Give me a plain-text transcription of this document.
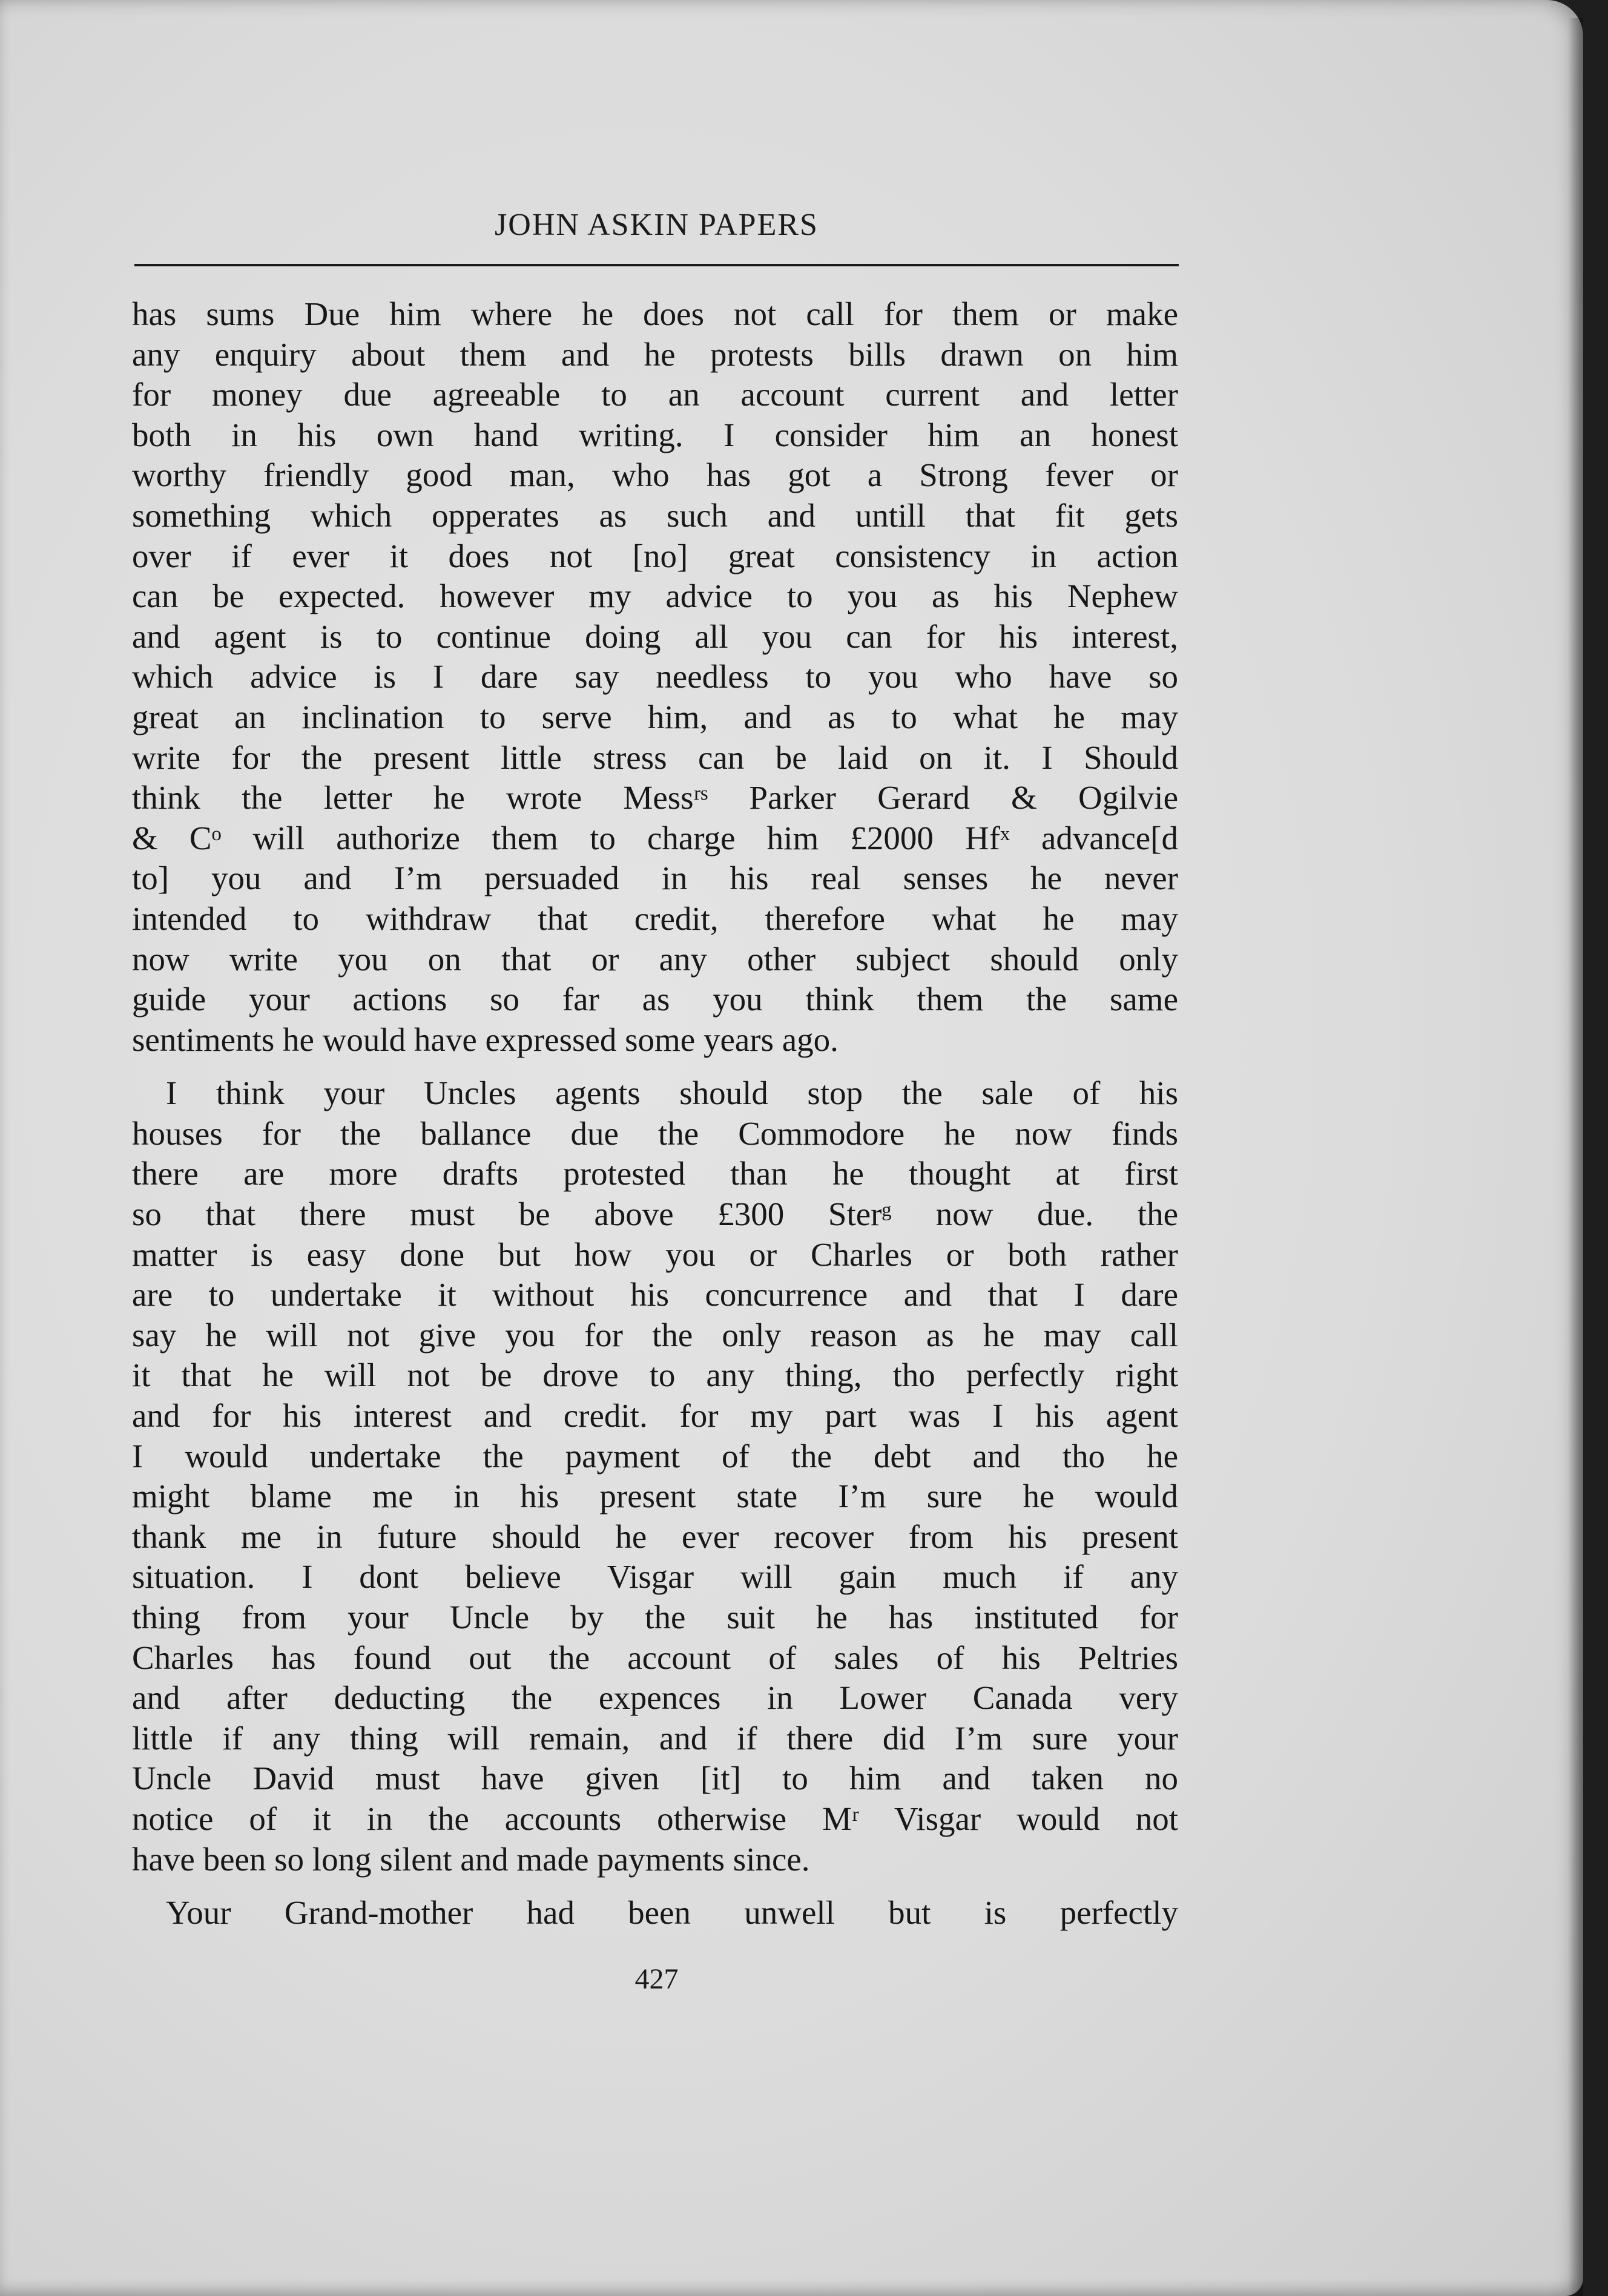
JOHN ASKIN PAPERS
has sums Due him where he does not call for them or make
any enquiry about them and he protests bills drawn on him
for money due agreeable to an account current and letter
both in his own hand writing. I consider him an honest
worthy friendly good man, who has got a Strong fever or
something which opperates as such and untill that fit gets
over if ever it does not [no] great consistency in action
can be expected. however my advice to you as his Nephew
and agent is to continue doing all you can for his interest,
which advice is I dare say needless to you who have so
great an inclination to serve him, and as to what he may
write for the present little stress can be laid on it. I Should
think the letter he wrote Messʳˢ Parker Gerard & Ogilvie
& Cᵒ will authorize them to charge him £2000 Hfˣ advance[d
to] you and I’m persuaded in his real senses he never
intended to withdraw that credit, therefore what he may
now write you on that or any other subject should only
guide your actions so far as you think them the same
sentiments he would have expressed some years ago.
I think your Uncles agents should stop the sale of his
houses for the ballance due the Commodore he now finds
there are more drafts protested than he thought at first
so that there must be above £300 Sterᵍ now due. the
matter is easy done but how you or Charles or both rather
are to undertake it without his concurrence and that I dare
say he will not give you for the only reason as he may call
it that he will not be drove to any thing, tho perfectly right
and for his interest and credit. for my part was I his agent
I would undertake the payment of the debt and tho he
might blame me in his present state I’m sure he would
thank me in future should he ever recover from his present
situation. I dont believe Visgar will gain much if any
thing from your Uncle by the suit he has instituted for
Charles has found out the account of sales of his Peltries
and after deducting the expences in Lower Canada very
little if any thing will remain, and if there did I’m sure your
Uncle David must have given [it] to him and taken no
notice of it in the accounts otherwise Mʳ Visgar would not
have been so long silent and made payments since.
Your Grand-mother had been unwell but is perfectly
427
